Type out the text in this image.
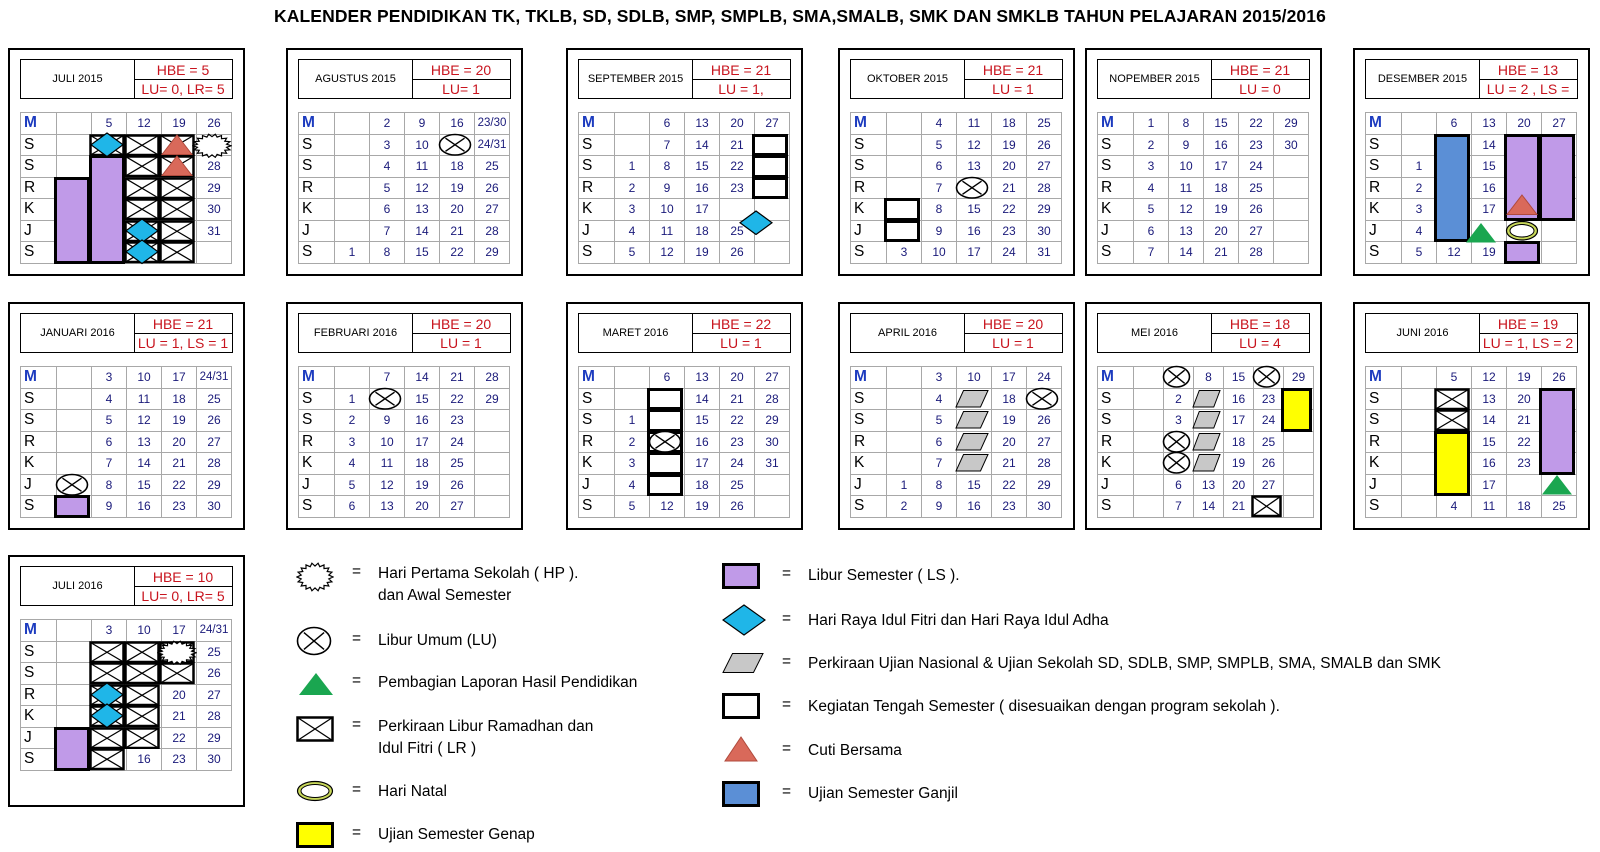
KALENDER PENDIDIKAN TK, TKLB, SD, SDLB, SMP, SMPLB, SMA,SMALB, SMK DAN SMKLB TAHUN PELAJARAN 2015/2016
JULI 2015
HBE = 5
LU= 0, LR= 5
M		5	12	19	26
S					
S					28
R					29
K					30
J					31
S					
AGUSTUS 2015
HBE = 20
LU= 1
M		2	9	16	23/30
S		3	10		24/31
S		4	11	18	25
R		5	12	19	26
K		6	13	20	27
J		7	14	21	28
S	1	8	15	22	29
SEPTEMBER 2015
HBE = 21
LU = 1,
M		6	13	20	27
S		7	14	21	
S	1	8	15	22	
R	2	9	16	23	
K	3	10	17		
J	4	11	18	25	
S	5	12	19	26	
OKTOBER 2015
HBE = 21
LU = 1
M		4	11	18	25
S		5	12	19	26
S		6	13	20	27
R		7		21	28
K		8	15	22	29
J		9	16	23	30
S	3	10	17	24	31
NOPEMBER 2015
HBE = 21
LU = 0
M	1	8	15	22	29
S	2	9	16	23	30
S	3	10	17	24	
R	4	11	18	25	
K	5	12	19	26	
J	6	13	20	27	
S	7	14	21	28	
DESEMBER 2015
HBE = 13
LU = 2 , LS =
M		6	13	20	27
S			14		
S	1		15		
R	2		16		
K	3		17		
J	4				
S	5	12	19		
JANUARI 2016
HBE = 21
LU = 1, LS = 1
M		3	10	17	24/31
S		4	11	18	25
S		5	12	19	26
R		6	13	20	27
K		7	14	21	28
J		8	15	22	29
S		9	16	23	30
FEBRUARI 2016
HBE = 20
LU = 1
M		7	14	21	28
S	1		15	22	29
S	2	9	16	23	
R	3	10	17	24	
K	4	11	18	25	
J	5	12	19	26	
S	6	13	20	27	
MARET 2016
HBE = 22
LU = 1
M		6	13	20	27
S			14	21	28
S	1		15	22	29
R	2		16	23	30
K	3		17	24	31
J	4		18	25	
S	5	12	19	26	
APRIL 2016
HBE = 20
LU = 1
M		3	10	17	24
S		4		18	
S		5		19	26
R		6		20	27
K		7		21	28
J	1	8	15	22	29
S	2	9	16	23	30
MEI 2016
HBE = 18
LU = 4
M			8	15		29
S		2		16	23	
S		3		17	24	
R				18	25	
K				19	26	
J		6	13	20	27	
S		7	14	21		
JUNI 2016
HBE = 19
LU = 1, LS = 2
M		5	12	19	26
S			13	20	
S			14	21	
R			15	22	
K			16	23	
J			17		
S		4	11	18	25
JULI 2016
HBE = 10
LU= 0, LR= 5
M		3	10	17	24/31
S					25
S					26
R				20	27
K				21	28
J				22	29
S			16	23	30
=	Hari Pertama Sekolah ( HP ).
dan Awal Semester
=	Libur Umum (LU)
=	Pembagian Laporan Hasil Pendidikan
=	Perkiraan Libur Ramadhan dan
Idul Fitri ( LR )
=	Hari Natal
=	Ujian Semester Genap
=	Libur Semester ( LS ).
=	Hari Raya Idul Fitri dan Hari Raya Idul Adha
=	Perkiraan Ujian Nasional & Ujian Sekolah SD, SDLB, SMP, SMPLB, SMA, SMALB dan SMK
=	Kegiatan Tengah Semester ( disesuaikan dengan program sekolah ).
=	Cuti Bersama
=	Ujian Semester Ganjil
